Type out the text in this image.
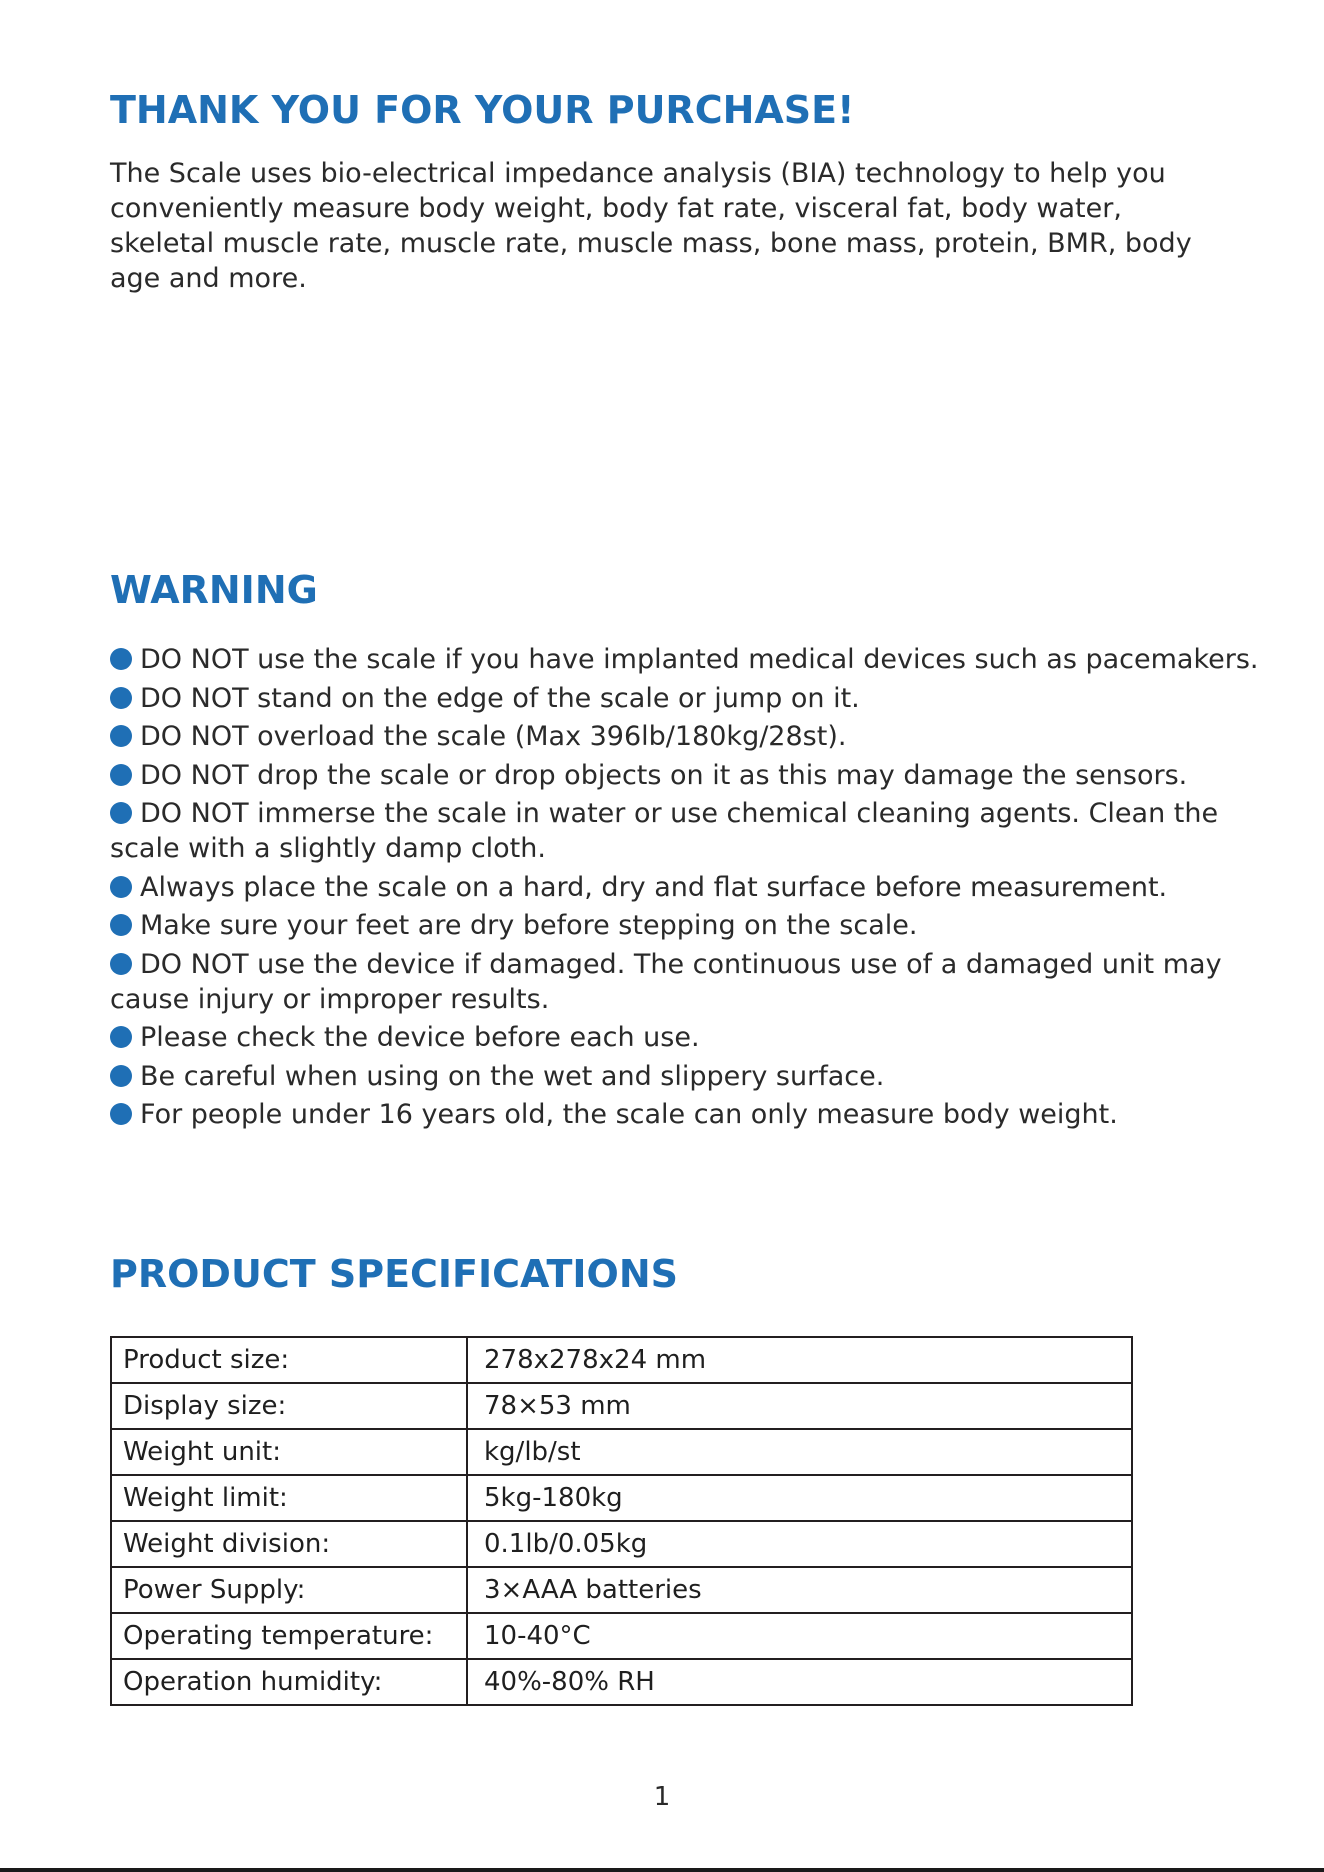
THANK YOU FOR YOUR PURCHASE!

The Scale uses bio-electrical impedance analysis (BIA) technology to help you conveniently measure body weight, body fat rate, visceral fat, body water, skeletal muscle rate, muscle rate, muscle mass, bone mass, protein, BMR, body age and more.

WARNING
DO NOT use the scale if you have implanted medical devices such as pacemakers.
DO NOT stand on the edge of the scale or jump on it.
DO NOT overload the scale (Max 396lb/180kg/28st).
DO NOT drop the scale or drop objects on it as this may damage the sensors.
DO NOT immerse the scale in water or use chemical cleaning agents. Clean the scale with a slightly damp cloth.
Always place the scale on a hard, dry and flat surface before measurement.
Make sure your feet are dry before stepping on the scale.
DO NOT use the device if damaged. The continuous use of a damaged unit may cause injury or improper results.
Please check the device before each use.
Be careful when using on the wet and slippery surface.
For people under 16 years old, the scale can only measure body weight.
PRODUCT SPECIFICATIONS
Product size:	278x278x24 mm
Display size:	78×53 mm
Weight unit:	kg/lb/st
Weight limit:	5kg-180kg
Weight division:	0.1lb/0.05kg
Power Supply:	3×AAA batteries
Operating temperature:	10-40°C
Operation humidity:	40%-80% RH
1
